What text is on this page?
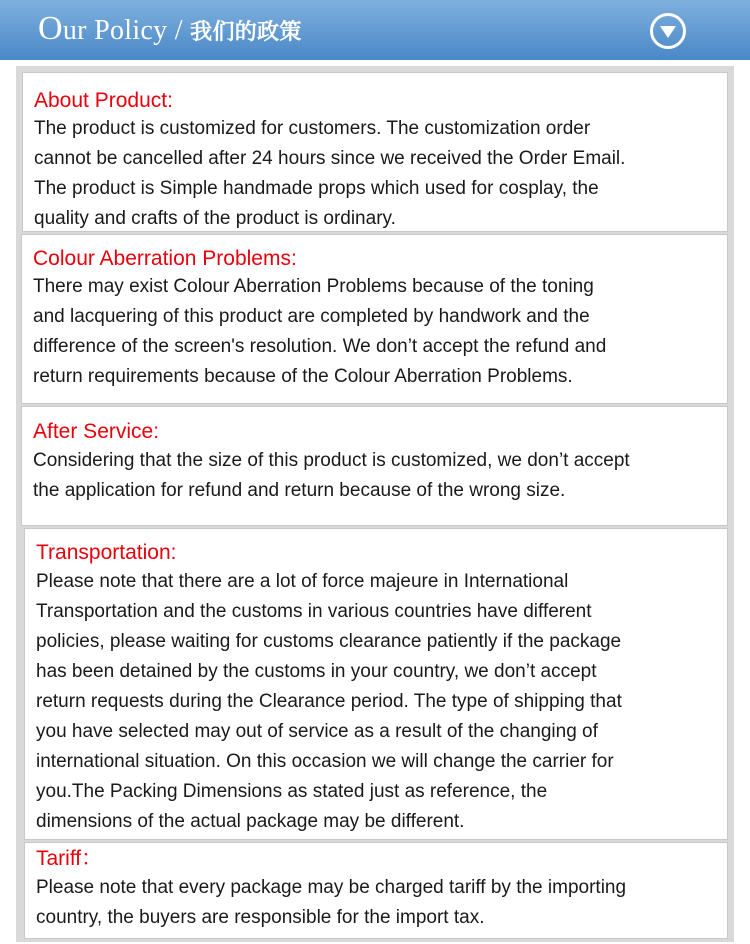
Our Policy / 我们的政策
About Product:

The product is customized for customers. The customization order
cannot be cancelled after 24 hours since we received the Order Email.
The product is Simple handmade props which used for cosplay, the
quality and crafts of the product is ordinary.

Colour Aberration Problems:

There may exist Colour Aberration Problems because of the toning
and lacquering of this product are completed by handwork and the
difference of the screen's resolution. We don’t accept the refund and
return requirements because of the Colour Aberration Problems.

After Service:

Considering that the size of this product is customized, we don’t accept
the application for refund and return because of the wrong size.

Transportation:

Please note that there are a lot of force majeure in International
Transportation and the customs in various countries have different
policies, please waiting for customs clearance patiently if the package
has been detained by the customs in your country, we don’t accept
return requests during the Clearance period. The type of shipping that
you have selected may out of service as a result of the changing of
international situation. On this occasion we will change the carrier for
you.The Packing Dimensions as stated just as reference, the
dimensions of the actual package may be different.

Tariff：

Please note that every package may be charged tariff by the importing
country, the buyers are responsible for the import tax.
